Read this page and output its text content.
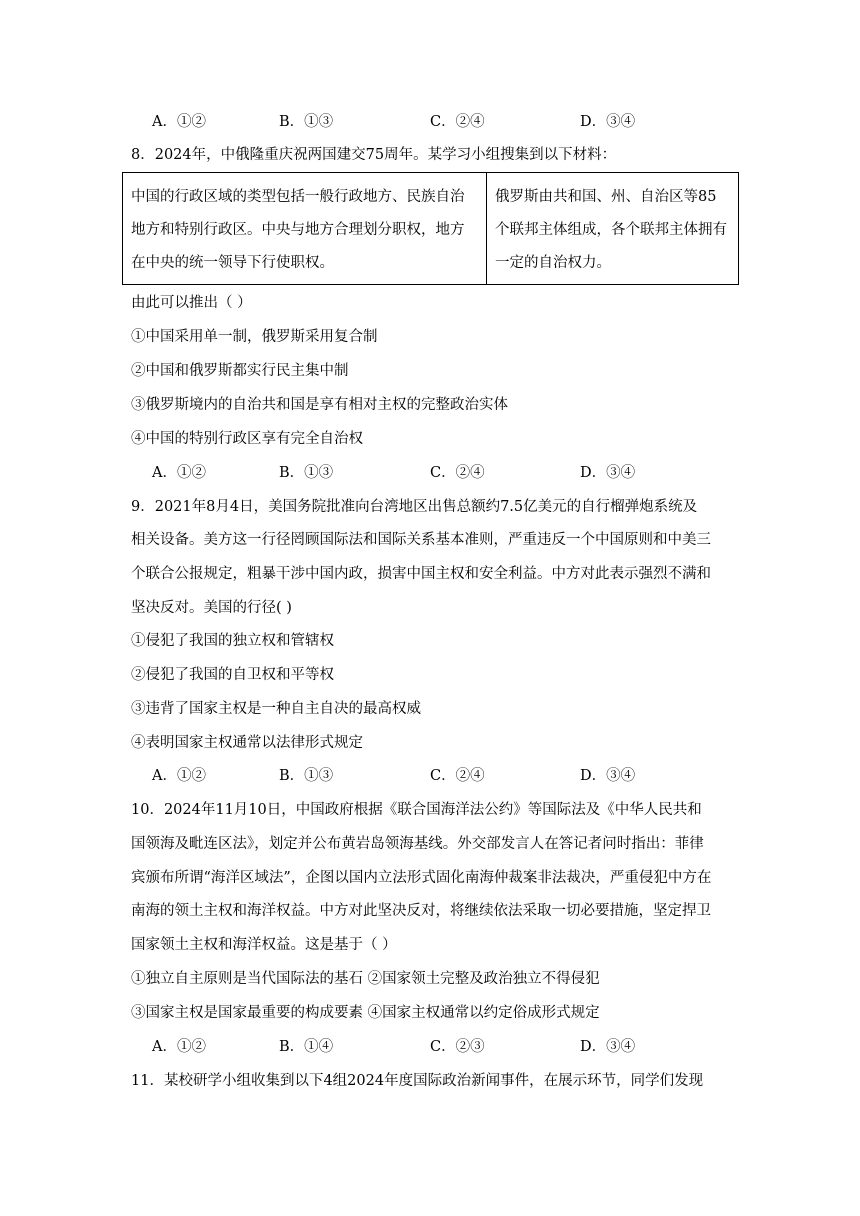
A．①②	B．①③	C．②④	D．③④
8．2024年，中俄隆重庆祝两国建交75周年。某学习小组搜集到以下材料：
中国的行政区域的类型包括一般行政地方、民族自治地方和特别行政区。中央与地方合理划分职权，地方在中央的统一领导下行使职权。	俄罗斯由共和国、州、自治区等85个联邦主体组成，各个联邦主体拥有一定的自治权力。
由此可以推出（ ）
①中国采用单一制，俄罗斯采用复合制
②中国和俄罗斯都实行民主集中制
③俄罗斯境内的自治共和国是享有相对主权的完整政治实体
④中国的特别行政区享有完全自治权
A．①②	B．①③	C．②④	D．③④
9．2021年8月4日，美国务院批准向台湾地区出售总额约7.5亿美元的自行榴弹炮系统及
相关设备。美方这一行径罔顾国际法和国际关系基本准则，严重违反一个中国原则和中美三
个联合公报规定，粗暴干涉中国内政，损害中国主权和安全利益。中方对此表示强烈不满和
坚决反对。美国的行径( )
①侵犯了我国的独立权和管辖权
②侵犯了我国的自卫权和平等权
③违背了国家主权是一种自主自决的最高权威
④表明国家主权通常以法律形式规定
A．①②	B．①③	C．②④	D．③④
10．2024年11月10日，中国政府根据《联合国海洋法公约》等国际法及《中华人民共和
国领海及毗连区法》，划定并公布黄岩岛领海基线。外交部发言人在答记者问时指出：菲律
宾颁布所谓“海洋区域法”，企图以国内立法形式固化南海仲裁案非法裁决，严重侵犯中方在
南海的领土主权和海洋权益。中方对此坚决反对，将继续依法采取一切必要措施，坚定捍卫
国家领土主权和海洋权益。这是基于（ ）
①独立自主原则是当代国际法的基石 ②国家领土完整及政治独立不得侵犯
③国家主权是国家最重要的构成要素 ④国家主权通常以约定俗成形式规定
A．①②	B．①④	C．②③	D．③④
11．某校研学小组收集到以下4组2024年度国际政治新闻事件，在展示环节，同学们发现
